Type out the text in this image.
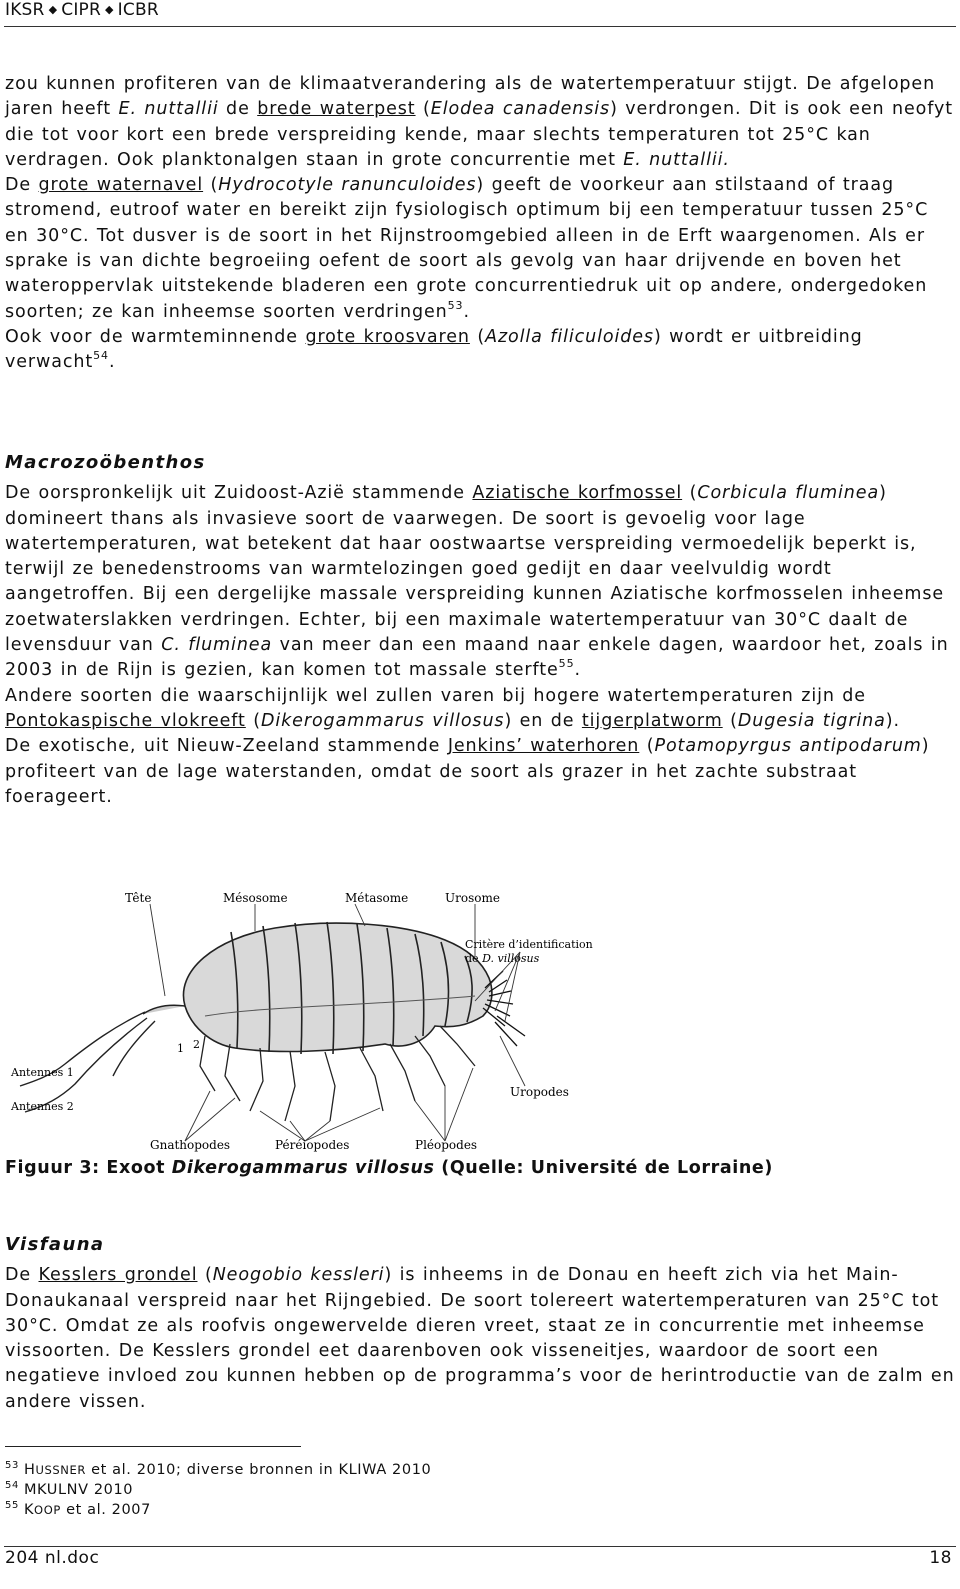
IKSR ◆ CIPR ◆ ICBR

zou kunnen profiteren van de klimaatverandering als de watertemperatuur stijgt. De afgelopen jaren heeft E. nuttallii de brede waterpest (Elodea canadensis) verdrongen. Dit is ook een neofyt die tot voor kort een brede verspreiding kende, maar slechts temperaturen tot 25°C kan verdragen. Ook planktonalgen staan in grote concurrentie met E. nuttallii.

De grote waternavel (Hydrocotyle ranunculoides) geeft de voorkeur aan stilstaand of traag stromend, eutroof water en bereikt zijn fysiologisch optimum bij een temperatuur tussen 25°C en 30°C. Tot dusver is de soort in het Rijnstroomgebied alleen in de Erft waargenomen. Als er sprake is van dichte begroeiing oefent de soort als gevolg van haar drijvende en boven het wateroppervlak uitstekende bladeren een grote concurrentiedruk uit op andere, ondergedoken soorten; ze kan inheemse soorten verdringen$^{53}$.

Ook voor de warmteminnende grote kroosvaren (Azolla filiculoides) wordt er uitbreiding verwacht$^{54}$.

Macrozoöbenthos

De oorspronkelijk uit Zuidoost-Azië stammende Aziatische korfmossel (Corbicula fluminea) domineert thans als invasieve soort de vaarwegen. De soort is gevoelig voor lage watertemperaturen, wat betekent dat haar oostwaartse verspreiding vermoedelijk beperkt is, terwijl ze benedenstrooms van warmtelozingen goed gedijt en daar veelvuldig wordt aangetroffen. Bij een dergelijke massale verspreiding kunnen Aziatische korfmosselen inheemse zoetwaterslakken verdringen. Echter, bij een maximale watertemperatuur van 30°C daalt de levensduur van C. fluminea van meer dan een maand naar enkele dagen, waardoor het, zoals in 2003 in de Rijn is gezien, kan komen tot massale sterfte$^{55}$.

Andere soorten die waarschijnlijk wel zullen varen bij hogere watertemperaturen zijn de Pontokaspische vlokreeft (Dikerogammarus villosus) en de tijgerplatworm (Dugesia tigrina).

De exotische, uit Nieuw-Zeeland stammende Jenkins’ waterhoren (Potamopyrgus antipodarum) profiteert van de lage waterstanden, omdat de soort als grazer in het zachte substraat foerageert.

Tête	Mésosome	Métasome	Urosome
Critère d’identification
de D. villosus
1 2
Antennes 1
Antennes 2
Uropodes
Gnathopodes	Péréiopodes	Pléopodes
Figuur 3: Exoot Dikerogammarus villosus (Quelle: Université de Lorraine)

Visfauna

De Kesslers grondel (Neogobio kessleri) is inheems in de Donau en heeft zich via het Main-Donaukanaal verspreid naar het Rijngebied. De soort tolereert watertemperaturen van 25°C tot 30°C. Omdat ze als roofvis ongewervelde dieren vreet, staat ze in concurrentie met inheemse vissoorten. De Kesslers grondel eet daarenboven ook visseneitjes, waardoor de soort een negatieve invloed zou kunnen hebben op de programma’s voor de herintroductie van de zalm en andere vissen.

$^{53}$ HUSSNER et al. 2010; diverse bronnen in KLIWA 2010
$^{54}$ MKULNV 2010
$^{55}$ KOOP et al. 2007
204 nl.doc	18
